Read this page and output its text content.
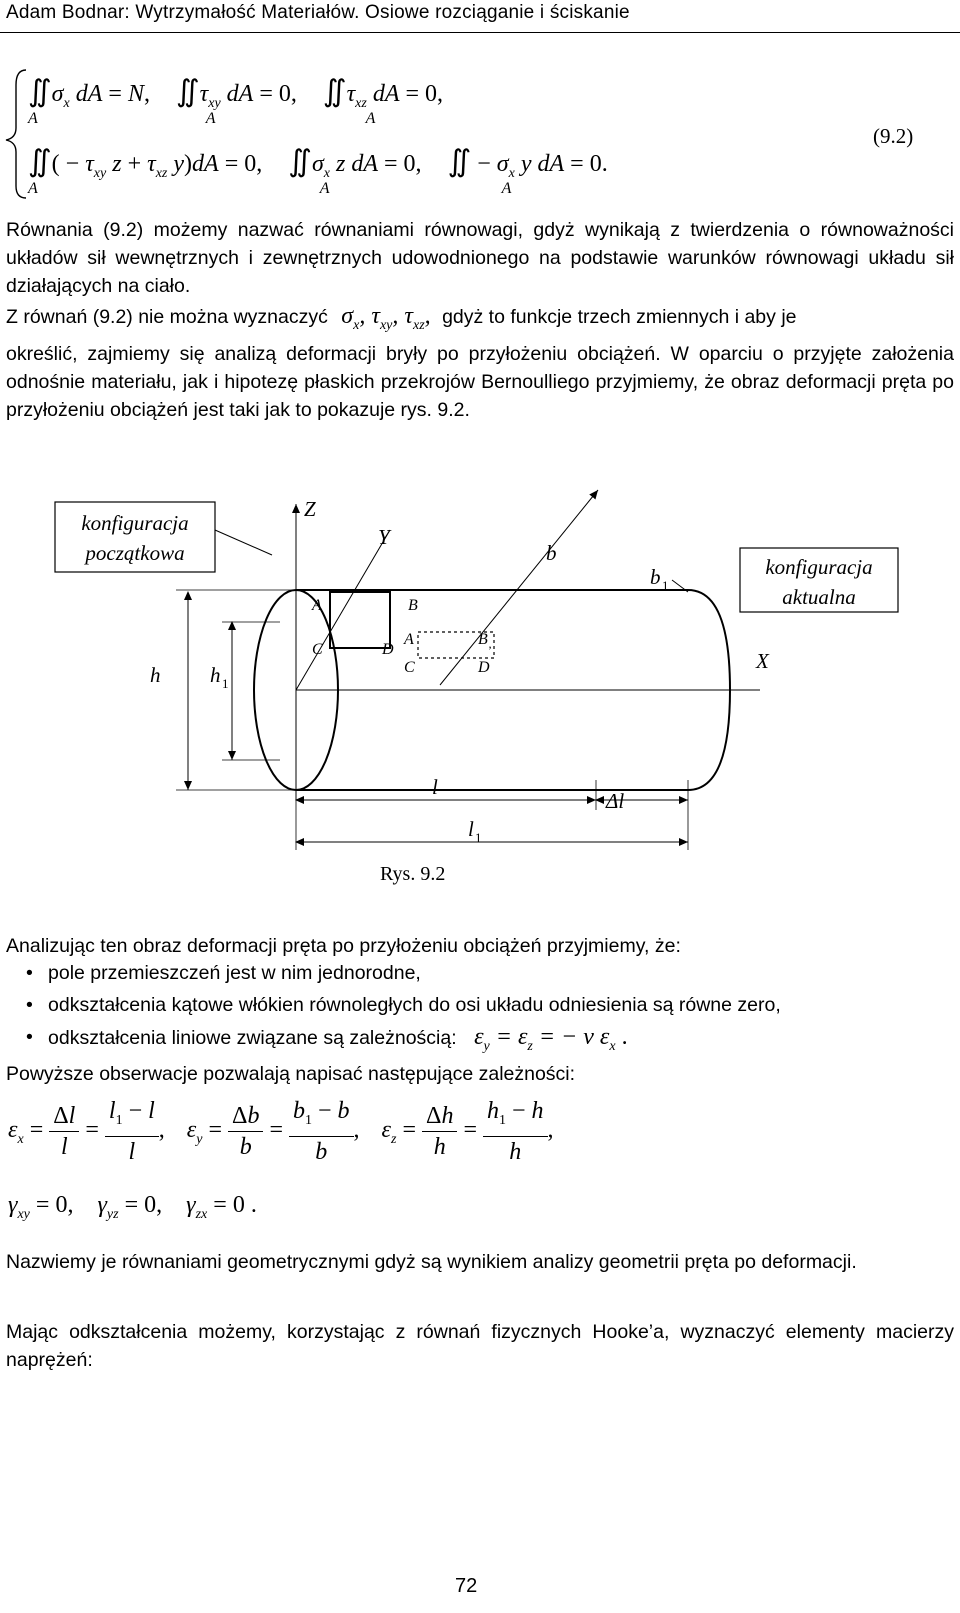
Adam Bodnar: Wytrzymałość Materiałów. Osiowe rozciąganie i ściskanie
$∬\sigma_x$ dA = N, $∬\tau_{xy}$ dA = 0, $∬\tau_{xz}$ dA = 0,
A	A	A
∬( − $\tau_{xy}$ $z + \tau_{xz}$ y)dA = 0, $∬\sigma_x$ z dA = 0, ∬ − $\sigma_x$ y dA = 0.
A	A	A
(9.2)
Równania (9.2) możemy nazwać równaniami równowagi, gdyż wynikają z twierdzenia o równoważności układów sił wewnętrznych i zewnętrznych udowodnionego na podstawie warunków równowagi układu sił działających na ciało.
Z równań (9.2) nie można wyznaczyć $\sigma_x$, $\tau_{xy}$, $\tau_{xz}$, gdyż to funkcje trzech zmiennych i aby je
określić, zajmiemy się analizą deformacji bryły po przyłożeniu obciążeń. W oparciu o przyjęte założenia odnośnie materiału, jak i hipotezę płaskich przekrojów Bernoulliego przyjmiemy, że obraz deformacji pręta po przyłożeniu obciążeń jest taki jak to pokazuje rys. 9.2.
konfiguracja
początkowa
konfiguracja
aktualna
Z
Y
X
b
b 1
h h 1
A	B
C	D
A	B
’
C	D
l
Δl
l 1
Rys. 9.2
Analizując ten obraz deformacji pręta po przyłożeniu obciążeń przyjmiemy, że:
• pole przemieszczeń jest w nim jednorodne,
• odkształcenia kątowe włókien równoległych do osi układu odniesienia są równe zero,
• odkształcenia liniowe związane są zależnością: $\varepsilon_y = \varepsilon_z$ = − ν $\varepsilon_x$ .
Powyższe obserwacje pozwalają napisać następujące zależności:
$\varepsilon_x = \frac{\Delta l}{l} = \frac{l_1 - l}{l}$ , $\varepsilon_y = \frac{\Delta b}{b} = \frac{b_1 - b}{b}$ , $\varepsilon_z = \frac{\Delta h}{h} = \frac{h_1 - h}{h}$ ,
$\gamma_{xy} = 0$, $\gamma_{yz} = 0$, $\gamma_{zx} = 0$ .
Nazwiemy je równaniami geometrycznymi gdyż są wynikiem analizy geometrii pręta po deformacji.
Mając odkształcenia możemy, korzystając z równań fizycznych Hooke’a, wyznaczyć elementy macierzy naprężeń:
72
